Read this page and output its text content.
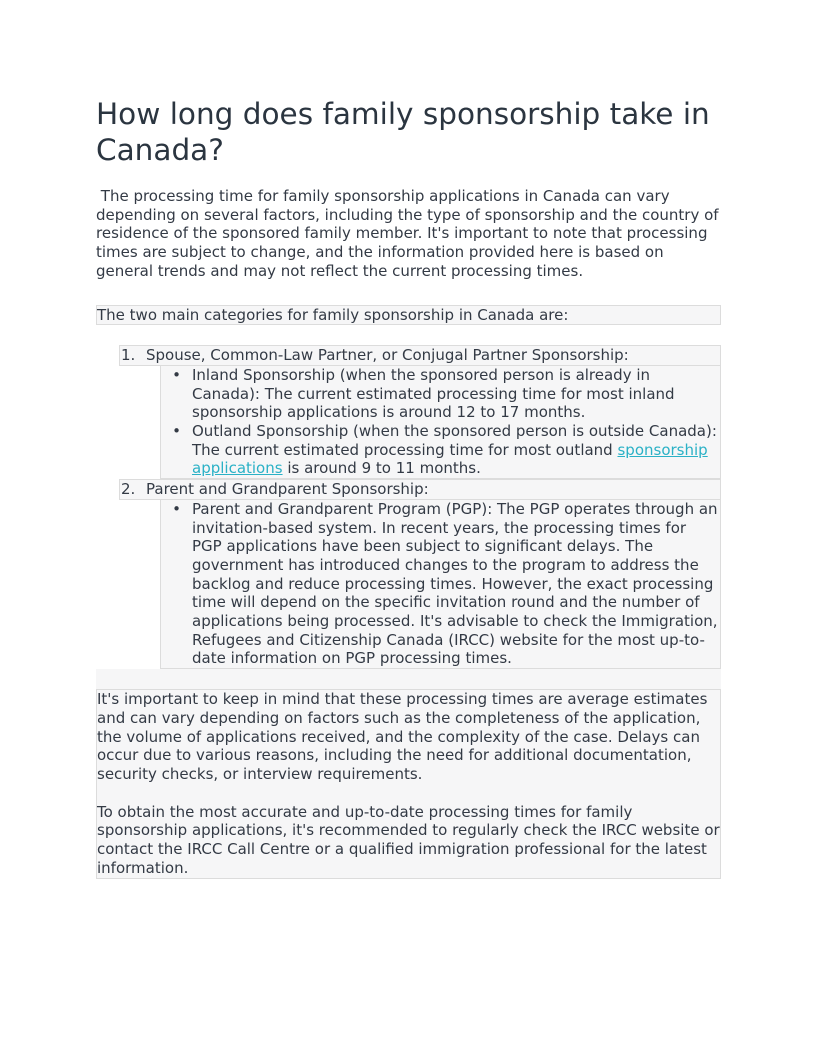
How long does family sponsorship take in Canada?

The processing time for family sponsorship applications in Canada can vary depending on several factors, including the type of sponsorship and the country of residence of the sponsored family member. It's important to note that processing times are subject to change, and the information provided here is based on general trends and may not reflect the current processing times.

The two main categories for family sponsorship in Canada are:
1. Spouse, Common-Law Partner, or Conjugal Partner Sponsorship:
• Inland Sponsorship (when the sponsored person is already in Canada): The current estimated processing time for most inland sponsorship applications is around 12 to 17 months.
• Outland Sponsorship (when the sponsored person is outside Canada): The current estimated processing time for most outland sponsorship applications is around 9 to 11 months.
2. Parent and Grandparent Sponsorship:
• Parent and Grandparent Program (PGP): The PGP operates through an invitation-based system. In recent years, the processing times for PGP applications have been subject to significant delays. The government has introduced changes to the program to address the backlog and reduce processing times. However, the exact processing time will depend on the specific invitation round and the number of applications being processed. It's advisable to check the Immigration, Refugees and Citizenship Canada (IRCC) website for the most up-to-date information on PGP processing times.

It's important to keep in mind that these processing times are average estimates and can vary depending on factors such as the completeness of the application, the volume of applications received, and the complexity of the case. Delays can occur due to various reasons, including the need for additional documentation, security checks, or interview requirements.

To obtain the most accurate and up-to-date processing times for family sponsorship applications, it's recommended to regularly check the IRCC website or contact the IRCC Call Centre or a qualified immigration professional for the latest information.
